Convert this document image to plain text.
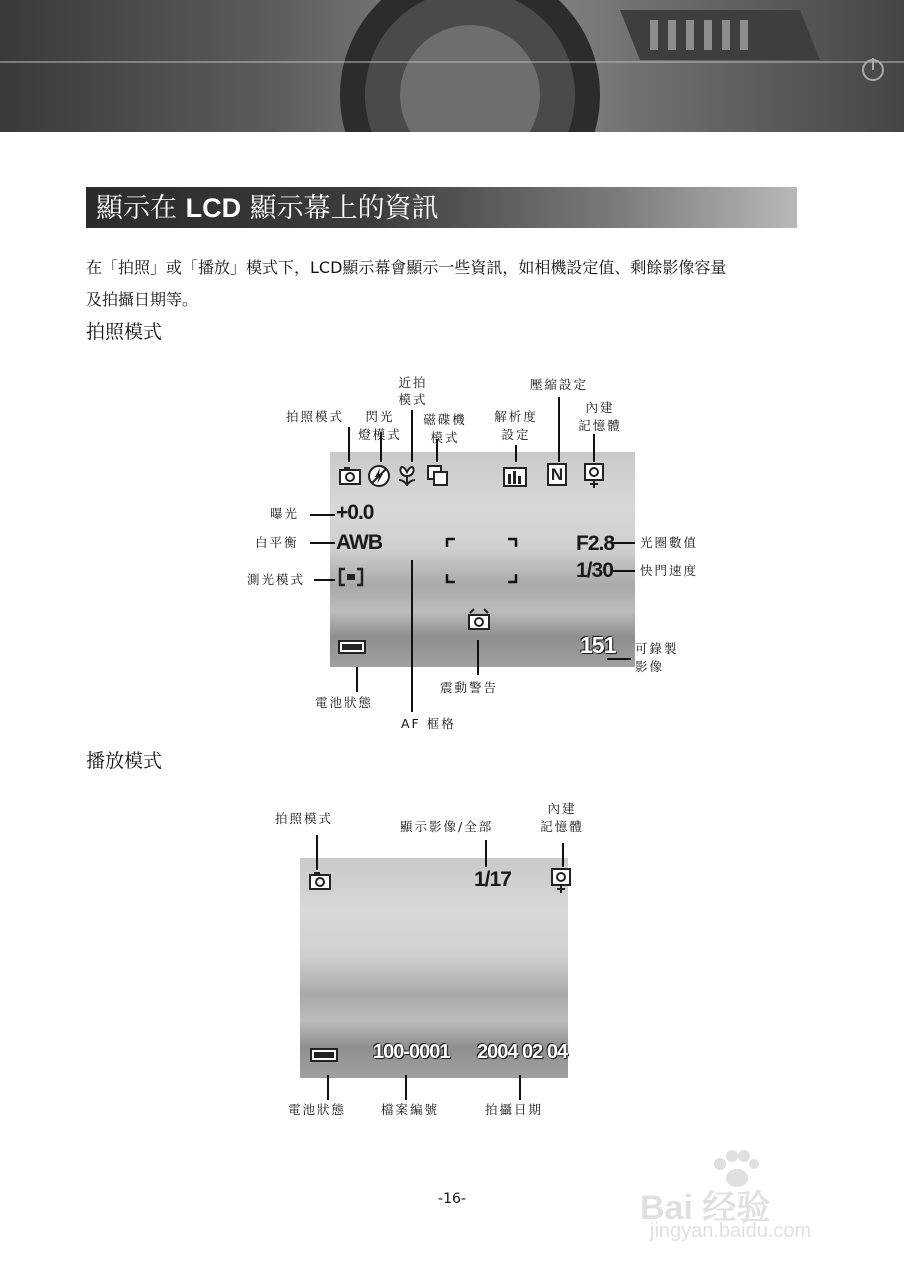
顯示在 LCD 顯示幕上的資訊
在「拍照」或「播放」模式下，LCD顯示幕會顯示一些資訊，如相機設定值、剩餘影像容量
及拍攝日期等。
拍照模式
N
+0.0
AWB	F2.8
1/30
151
拍照模式	閃光
燈模式
近拍
模式
磁碟機
模式
解析度
設定
壓縮設定
內建
記憶體
曝光
白平衡
測光模式
光圈數值
快門速度
可錄製
影像
電池狀態
震動警告
AF 框格
播放模式
1/17
100-0001 2004 02 04
拍照模式
顯示影像/全部
內建
記憶體
電池狀態	檔案編號	拍攝日期
-16-	Bai 经验
jingyan.baidu.com
